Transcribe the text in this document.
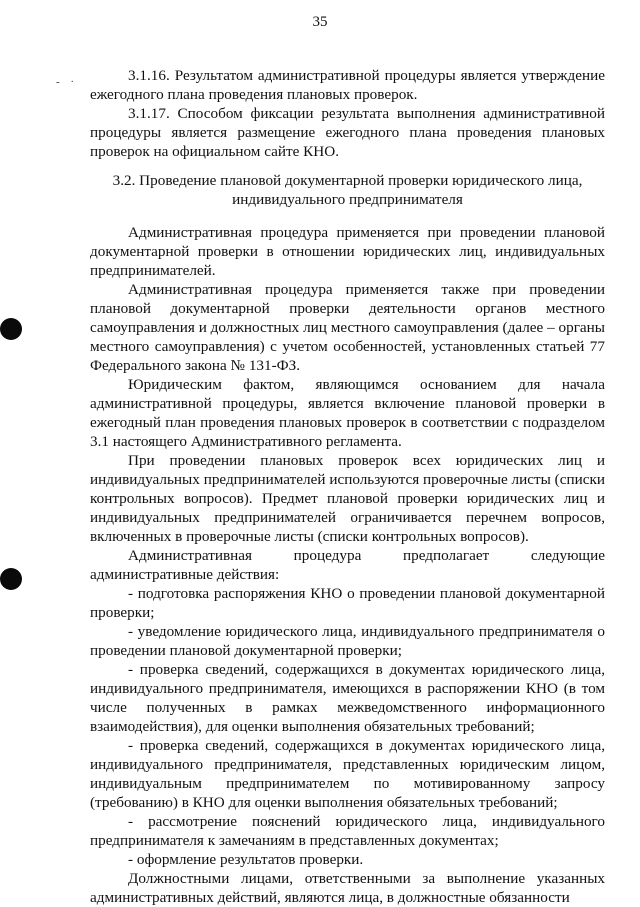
35
- ·	3.1.16. Результатом административной процедуры является утверждение ежегодного плана проведения плановых проверок.

3.1.17. Способом фиксации результата выполнения административной процедуры является размещение ежегодного плана проведения плановых проверок на официальном сайте КНО.

3.2. Проведение плановой документарной проверки юридического лица, индивидуального предпринимателя

Административная процедура применяется при проведении плановой документарной проверки в отношении юридических лиц, индивидуальных предпринимателей.

Административная процедура применяется также при проведении плановой документарной проверки деятельности органов местного самоуправления и должностных лиц местного самоуправления (далее – органы местного самоуправления) с учетом особенностей, установленных статьей 77 Федерального закона № 131-ФЗ.

Юридическим фактом, являющимся основанием для начала административной процедуры, является включение плановой проверки в ежегодный план проведения плановых проверок в соответствии с подразделом 3.1 настоящего Административного регламента.

При проведении плановых проверок всех юридических лиц и индивидуальных предпринимателей используются проверочные листы (списки контрольных вопросов). Предмет плановой проверки юридических лиц и индивидуальных предпринимателей ограничивается перечнем вопросов, включенных в проверочные листы (списки контрольных вопросов).

Административная процедура предполагает следующие административные действия:

- подготовка распоряжения КНО о проведении плановой документарной проверки;

- уведомление юридического лица, индивидуального предпринимателя о проведении плановой документарной проверки;

- проверка сведений, содержащихся в документах юридического лица, индивидуального предпринимателя, имеющихся в распоряжении КНО (в том числе полученных в рамках межведомственного информационного взаимодействия), для оценки выполнения обязательных требований;

- проверка сведений, содержащихся в документах юридического лица, индивидуального предпринимателя, представленных юридическим лицом, индивидуальным предпринимателем по мотивированному запросу (требованию) в КНО для оценки выполнения обязательных требований;

- рассмотрение пояснений юридического лица, индивидуального предпринимателя к замечаниям в представленных документах;

- оформление результатов проверки.

Должностными лицами, ответственными за выполнение указанных административных действий, являются лица, в должностные обязанности
